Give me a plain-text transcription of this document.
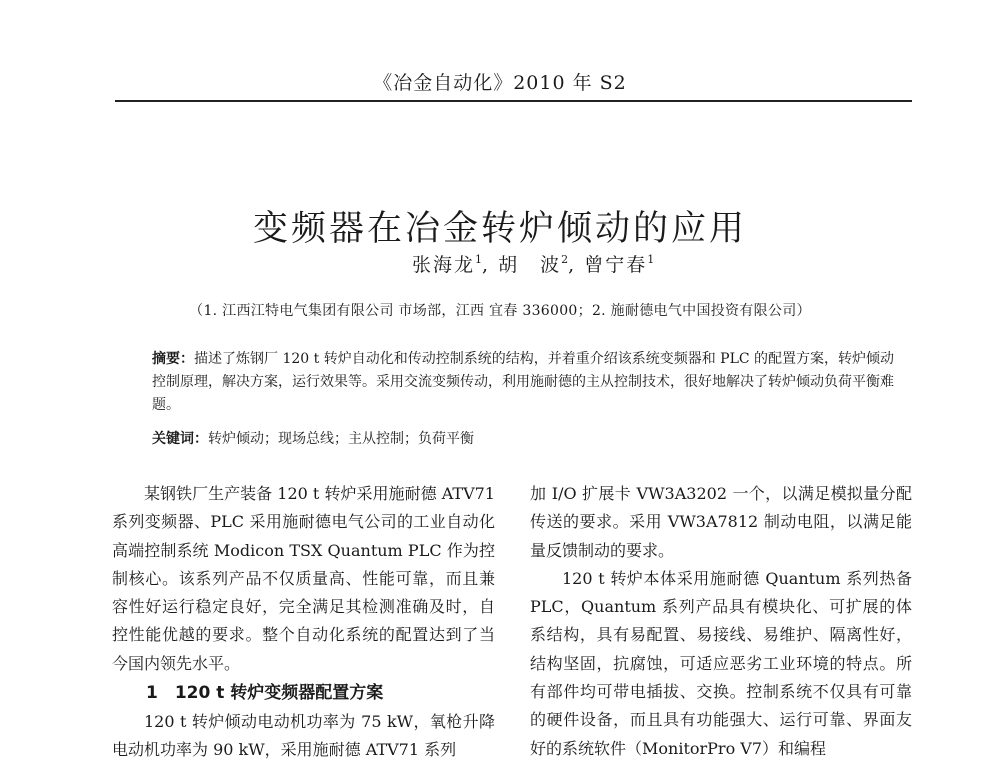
《冶金自动化》2010 年 S2
变频器在冶金转炉倾动的应用
张海龙$^1$, 胡　波$^2$, 曾宁春$^1$
（1. 江西江特电气集团有限公司 市场部，江西 宜春 336000；2. 施耐德电气中国投资有限公司）
摘要：描述了炼钢厂 120 t 转炉自动化和传动控制系统的结构，并着重介绍该系统变频器和 PLC 的配置方案，转炉倾动控制原理，解决方案，运行效果等。采用交流变频传动，利用施耐德的主从控制技术，很好地解决了转炉倾动负荷平衡难题。
关键词：转炉倾动；现场总线；主从控制；负荷平衡

某钢铁厂生产装备 120 t 转炉采用施耐德 ATV71 系列变频器、PLC 采用施耐德电气公司的工业自动化高端控制系统 Modicon TSX Quantum PLC 作为控制核心。该系列产品不仅质量高、性能可靠，而且兼容性好运行稳定良好，完全满足其检测准确及时，自控性能优越的要求。整个自动化系统的配置达到了当今国内领先水平。

1　120 t 转炉变频器配置方案

120 t 转炉倾动电动机功率为 75 kW，氧枪升降电动机功率为 90 kW，采用施耐德 ATV71 系列

加 I/O 扩展卡 VW3A3202 一个，以满足模拟量分配传送的要求。采用 VW3A7812 制动电阻，以满足能量反馈制动的要求。

120 t 转炉本体采用施耐德 Quantum 系列热备 PLC，Quantum 系列产品具有模块化、可扩展的体系结构，具有易配置、易接线、易维护、隔离性好，结构坚固，抗腐蚀，可适应恶劣工业环境的特点。所有部件均可带电插拔、交换。控制系统不仅具有可靠的硬件设备，而且具有功能强大、运行可靠、界面友好的系统软件（MonitorPro V7）和编程
